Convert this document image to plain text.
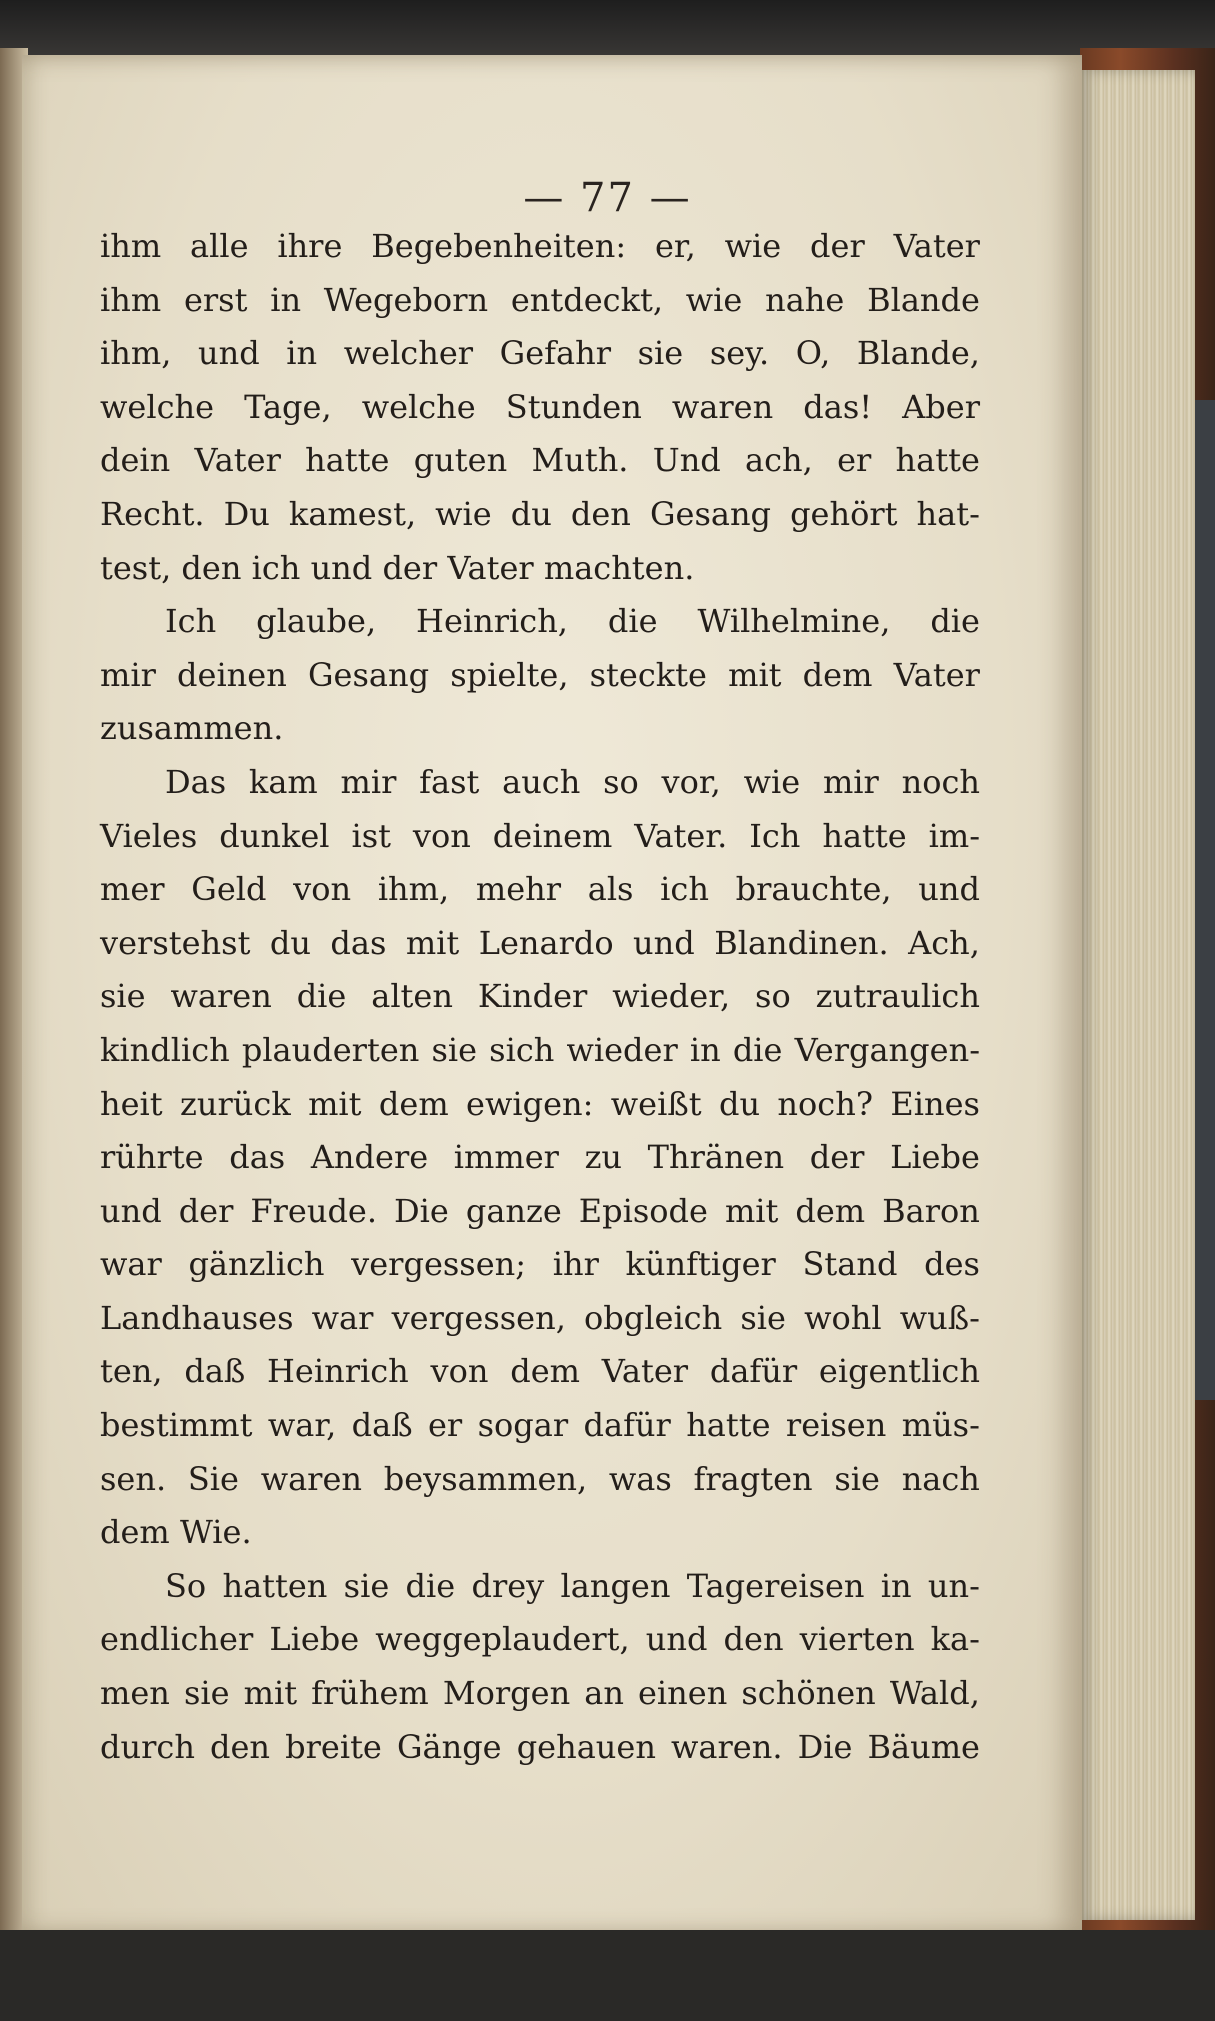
— 77 —
ihm alle ihre Begebenheiten: er, wie der Vater
ihm erst in Wegeborn entdeckt, wie nahe Blande
ihm, und in welcher Gefahr sie sey. O, Blande,
welche Tage, welche Stunden waren das! Aber
dein Vater hatte guten Muth. Und ach, er hatte
Recht. Du kamest, wie du den Gesang gehört hat-
test, den ich und der Vater machten.
Ich glaube, Heinrich, die Wilhelmine, die
mir deinen Gesang spielte, steckte mit dem Vater
zusammen.
Das kam mir fast auch so vor, wie mir noch
Vieles dunkel ist von deinem Vater. Ich hatte im-
mer Geld von ihm, mehr als ich brauchte, und
verstehst du das mit Lenardo und Blandinen. Ach,
sie waren die alten Kinder wieder, so zutraulich
kindlich plauderten sie sich wieder in die Vergangen-
heit zurück mit dem ewigen: weißt du noch? Eines
rührte das Andere immer zu Thränen der Liebe
und der Freude. Die ganze Episode mit dem Baron
war gänzlich vergessen; ihr künftiger Stand des
Landhauses war vergessen, obgleich sie wohl wuß-
ten, daß Heinrich von dem Vater dafür eigentlich
bestimmt war, daß er sogar dafür hatte reisen müs-
sen. Sie waren beysammen, was fragten sie nach
dem Wie.
So hatten sie die drey langen Tagereisen in un-
endlicher Liebe weggeplaudert, und den vierten ka-
men sie mit frühem Morgen an einen schönen Wald,
durch den breite Gänge gehauen waren. Die Bäume
